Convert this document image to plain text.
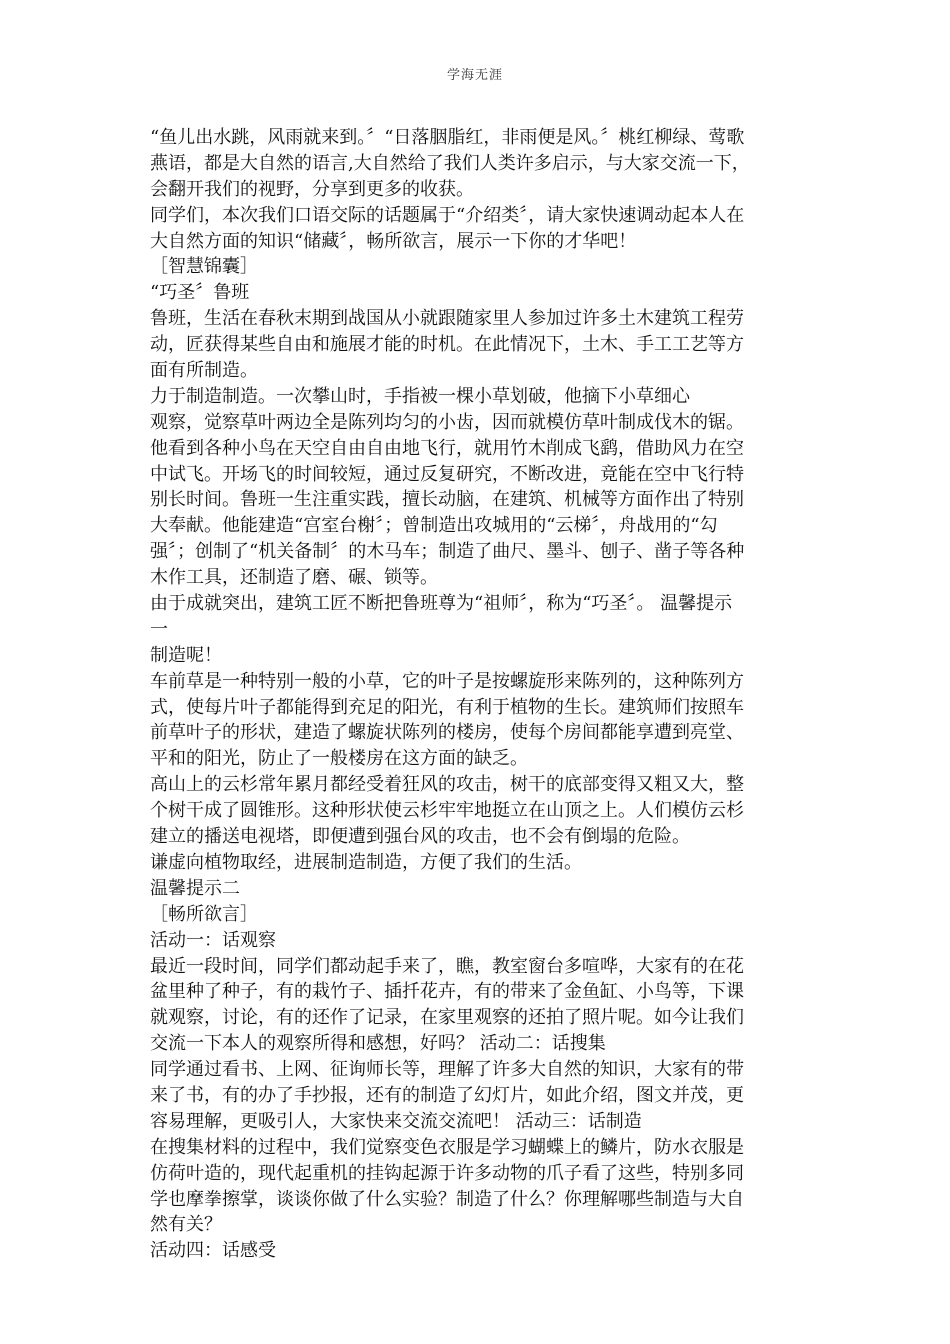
学海无涯
“鱼儿出水跳，风雨就来到。〞“日落胭脂红，非雨便是风。〞桃红柳绿、莺歌
燕语，都是大自然的语言,大自然给了我们人类许多启示，与大家交流一下，
会翻开我们的视野，分享到更多的收获。
同学们，本次我们口语交际的话题属于“介绍类〞，请大家快速调动起本人在
大自然方面的知识“储藏〞，畅所欲言，展示一下你的才华吧！
［智慧锦囊］
“巧圣〞鲁班
鲁班，生活在春秋末期到战国从小就跟随家里人参加过许多土木建筑工程劳
动，匠获得某些自由和施展才能的时机。在此情况下，土木、手工工艺等方
面有所制造。
力于制造制造。一次攀山时，手指被一棵小草划破，他摘下小草细心
观察，觉察草叶两边全是陈列均匀的小齿，因而就模仿草叶制成伐木的锯。
他看到各种小鸟在天空自由自由地飞行，就用竹木削成飞鹞，借助风力在空
中试飞。开场飞的时间较短，通过反复研究，不断改进，竟能在空中飞行特
别长时间。鲁班一生注重实践，擅长动脑，在建筑、机械等方面作出了特别
大奉献。他能建造“宫室台榭〞；曾制造出攻城用的“云梯〞，舟战用的“勾
强〞；创制了“机关备制〞的木马车；制造了曲尺、墨斗、刨子、凿子等各种
木作工具，还制造了磨、碾、锁等。
由于成就突出，建筑工匠不断把鲁班尊为“祖师〞，称为“巧圣〞。 温馨提示
一
制造呢！
车前草是一种特别一般的小草，它的叶子是按螺旋形来陈列的，这种陈列方
式，使每片叶子都能得到充足的阳光，有利于植物的生长。建筑师们按照车
前草叶子的形状，建造了螺旋状陈列的楼房，使每个房间都能享遭到亮堂、
平和的阳光，防止了一般楼房在这方面的缺乏。
高山上的云杉常年累月都经受着狂风的攻击，树干的底部变得又粗又大，整
个树干成了圆锥形。这种形状使云杉牢牢地挺立在山顶之上。人们模仿云杉
建立的播送电视塔，即便遭到强台风的攻击，也不会有倒塌的危险。
谦虚向植物取经，进展制造制造，方便了我们的生活。
温馨提示二
［畅所欲言］
活动一：话观察
最近一段时间，同学们都动起手来了，瞧，教室窗台多喧哗，大家有的在花
盆里种了种子，有的栽竹子、插扦花卉，有的带来了金鱼缸、小鸟等，下课
就观察，讨论，有的还作了记录，在家里观察的还拍了照片呢。如今让我们
交流一下本人的观察所得和感想，好吗？ 活动二：话搜集
同学通过看书、上网、征询师长等，理解了许多大自然的知识，大家有的带
来了书，有的办了手抄报，还有的制造了幻灯片，如此介绍，图文并茂，更
容易理解，更吸引人，大家快来交流交流吧！ 活动三：话制造
在搜集材料的过程中，我们觉察变色衣服是学习蝴蝶上的鳞片，防水衣服是
仿荷叶造的，现代起重机的挂钩起源于许多动物的爪子看了这些，特别多同
学也摩拳擦掌，谈谈你做了什么实验？制造了什么？你理解哪些制造与大自
然有关？
活动四：话感受
